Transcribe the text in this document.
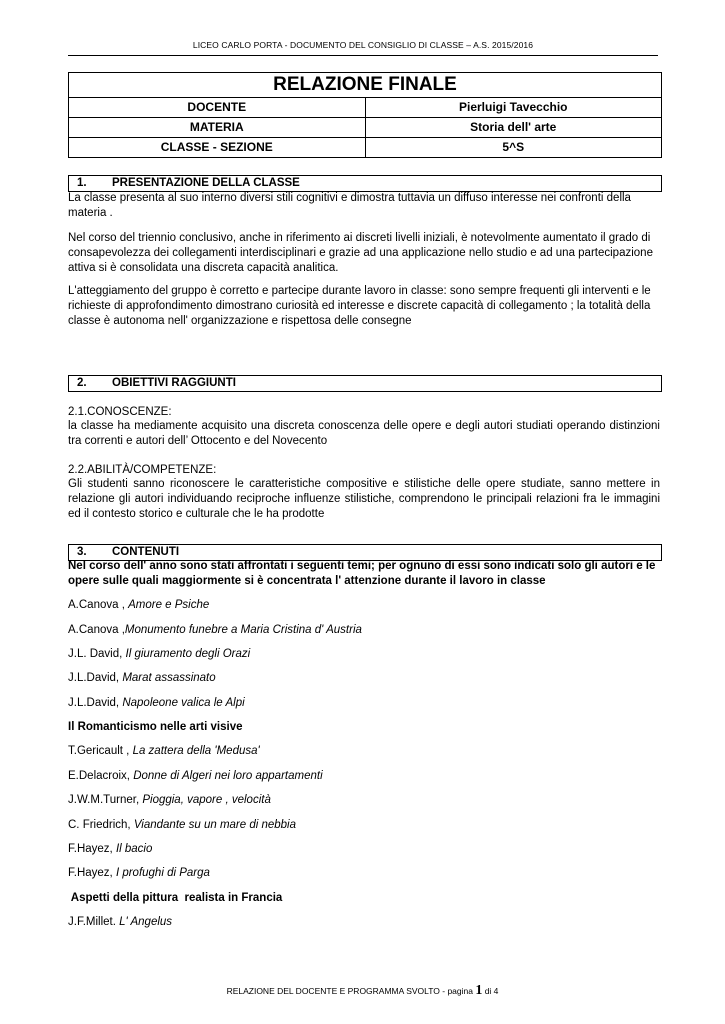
LICEO CARLO PORTA - DOCUMENTO DEL CONSIGLIO DI CLASSE – A.S. 2015/2016
RELAZIONE FINALE	
DOCENTE	Pierluigi Tavecchio
MATERIA	Storia dell' arte
CLASSE - SEZIONE	5^S
1. PRESENTAZIONE DELLA CLASSE
La classe presenta al suo interno diversi stili cognitivi e dimostra tuttavia un diffuso interesse nei confronti della materia .
Nel corso del triennio conclusivo, anche in riferimento ai discreti livelli iniziali, è notevolmente aumentato il grado di consapevolezza dei collegamenti interdisciplinari e grazie ad una applicazione nello studio e ad una partecipazione attiva si è consolidata una discreta capacità analitica.
L'atteggiamento del gruppo è corretto e partecipe durante lavoro in classe: sono sempre frequenti gli interventi e le richieste di approfondimento dimostrano curiosità ed interesse e discrete capacità di collegamento ; la totalità della classe è autonoma nell' organizzazione e rispettosa delle consegne
2. OBIETTIVI RAGGIUNTI
2.1.CONOSCENZE:
la classe ha mediamente acquisito una discreta conoscenza delle opere e degli autori studiati operando distinzioni tra correnti e autori dell’ Ottocento e del Novecento
2.2.ABILITÀ/COMPETENZE:
Gli studenti sanno riconoscere le caratteristiche compositive e stilistiche delle opere studiate, sanno mettere in relazione gli autori individuando reciproche influenze stilistiche, comprendono le principali relazioni fra le immagini ed il contesto storico e culturale che le ha prodotte
3. CONTENUTI
Nel corso dell' anno sono stati affrontati i seguenti temi; per ognuno di essi sono indicati solo gli autori e le opere sulle quali maggiormente si è concentrata l' attenzione durante il lavoro in classe
A.Canova , Amore e Psiche
A.Canova ,Monumento funebre a Maria Cristina d' Austria
J.L. David, Il giuramento degli Orazi
J.L.David, Marat assassinato
J.L.David, Napoleone valica le Alpi
Il Romanticismo nelle arti visive
T.Gericault , La zattera della 'Medusa'
E.Delacroix, Donne di Algeri nei loro appartamenti
J.W.M.Turner, Pioggia, vapore , velocità
C. Friedrich, Viandante su un mare di nebbia
F.Hayez, Il bacio
F.Hayez, I profughi di Parga
Aspetti della pittura  realista in Francia
J.F.Millet. L' Angelus
RELAZIONE DEL DOCENTE E PROGRAMMA SVOLTO - pagina 1 di 4
